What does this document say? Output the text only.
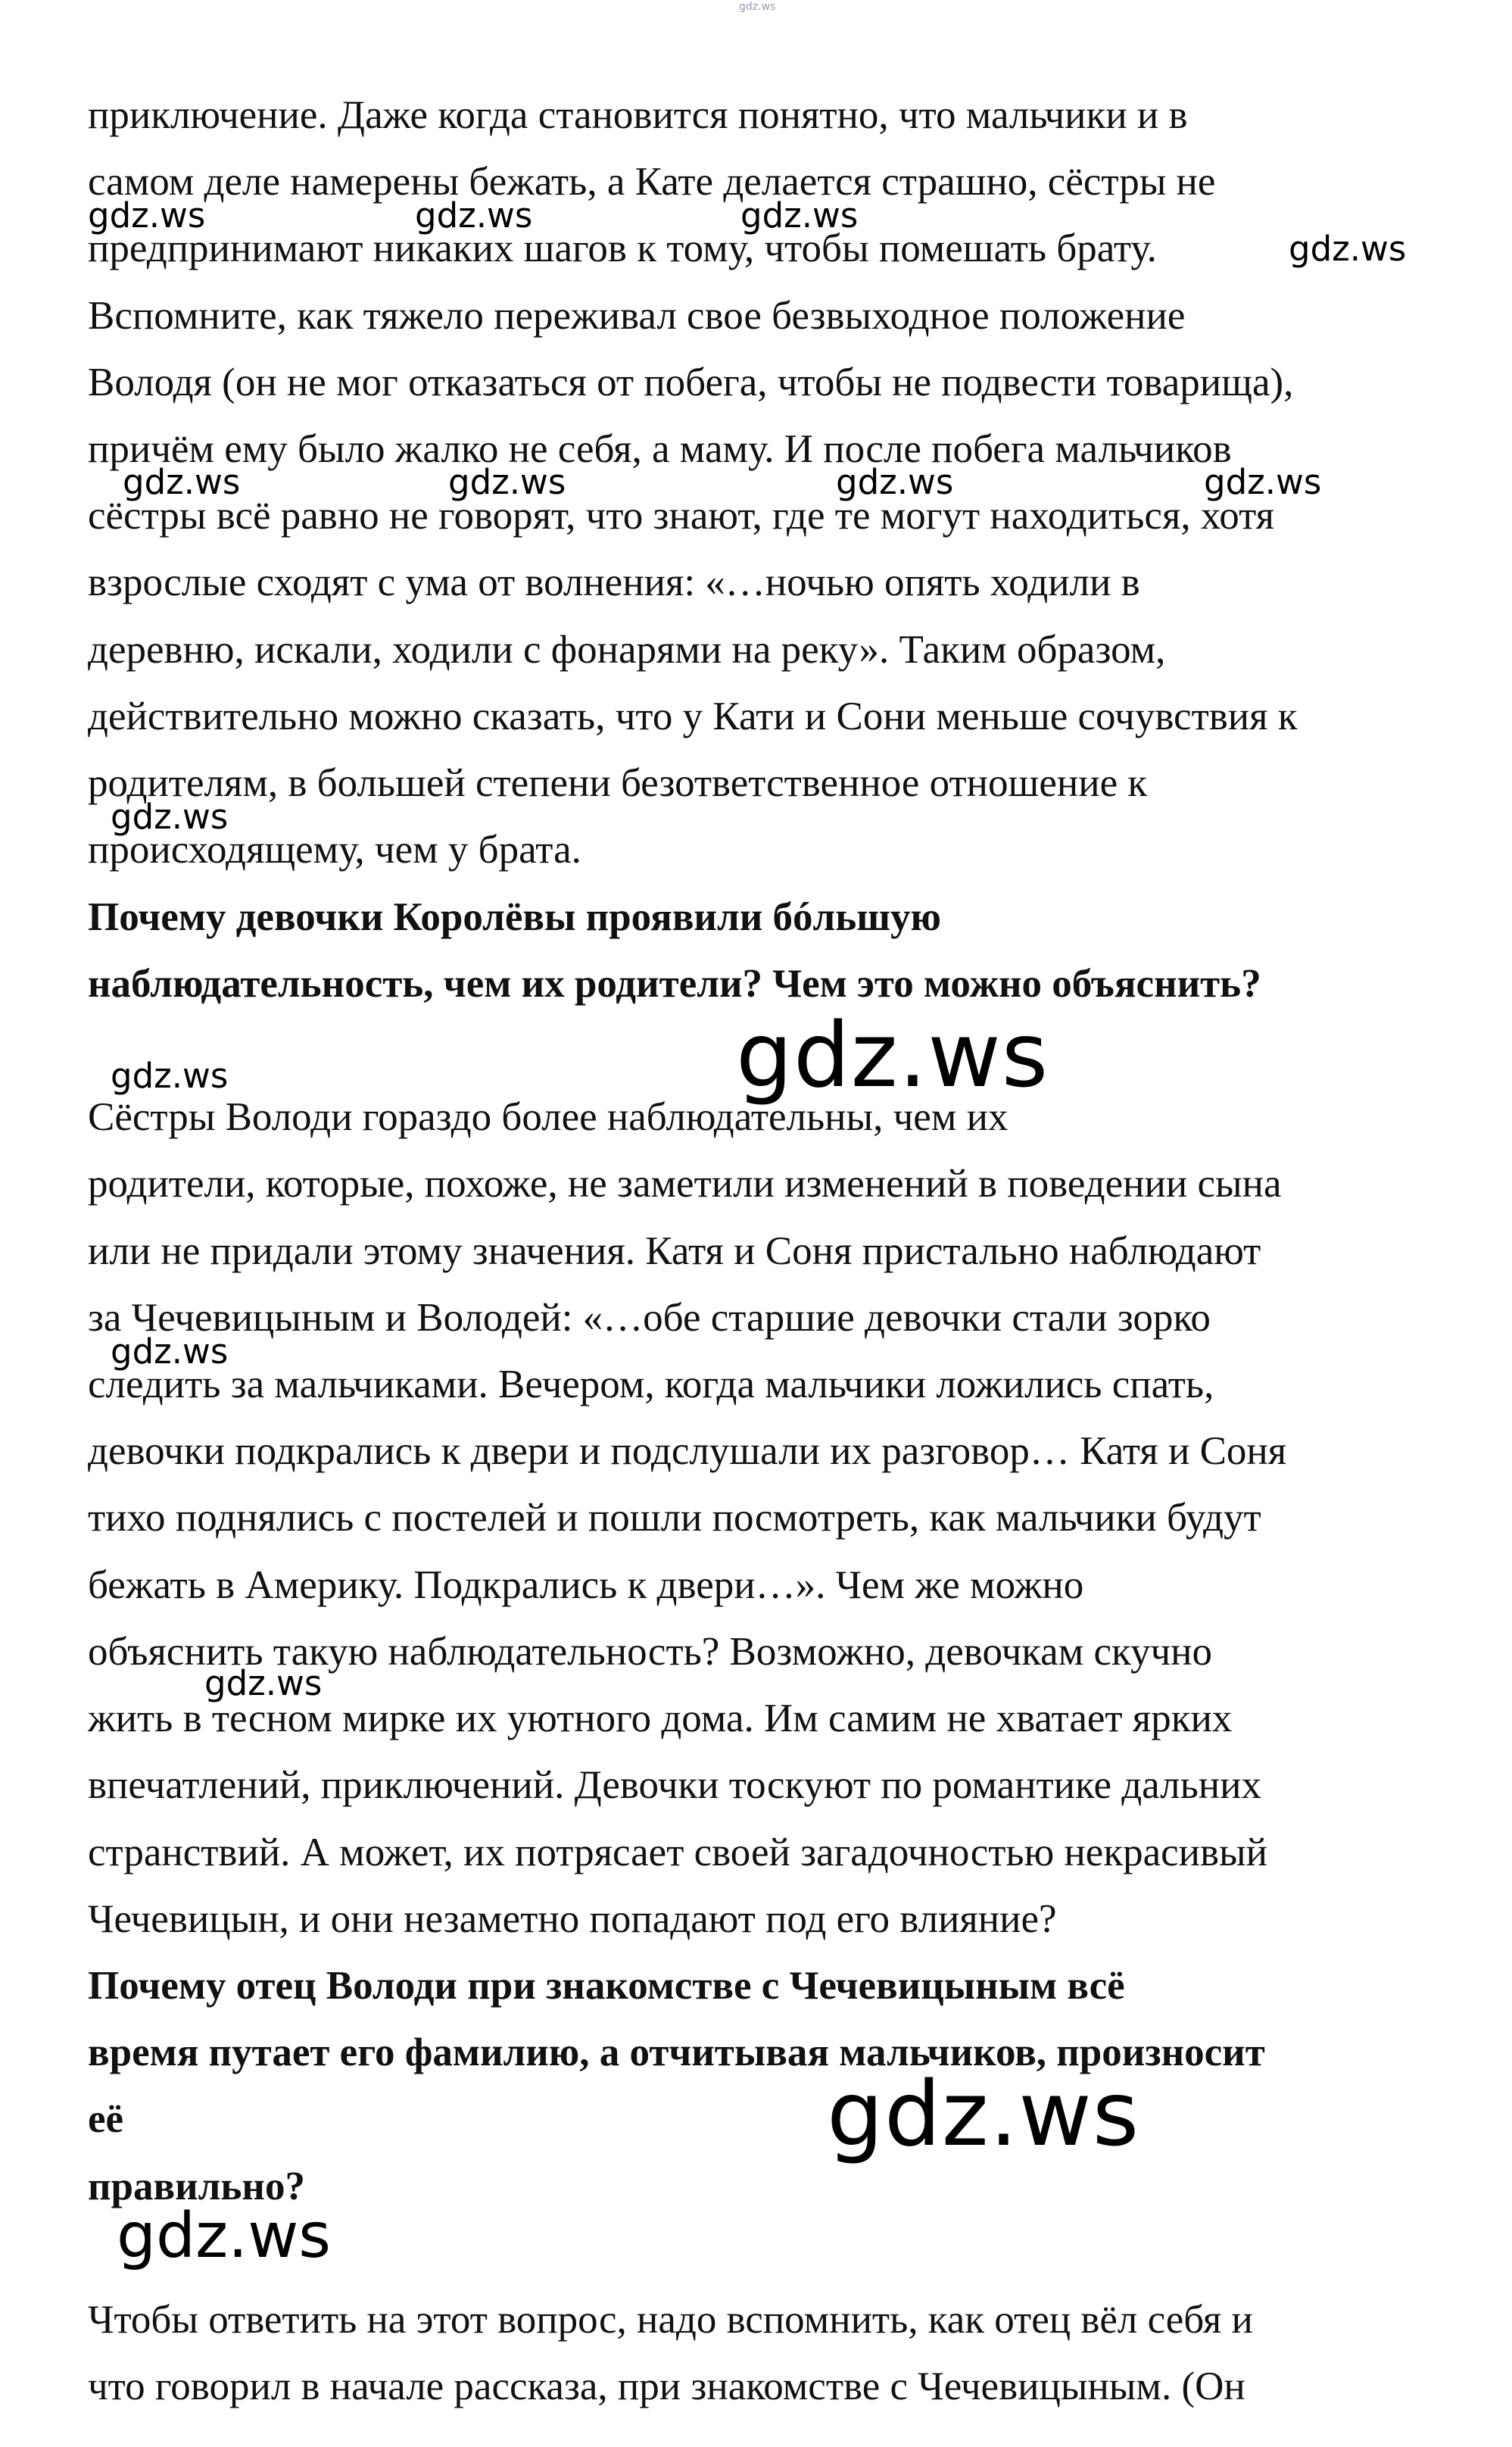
gdz.ws
приключение. Даже когда становится понятно, что мальчики и в
самом деле намерены бежать, а Кате делается страшно, сёстры не
предпринимают никаких шагов к тому, чтобы помешать брату.
Вспомните, как тяжело переживал свое безвыходное положение
Володя (он не мог отказаться от побега, чтобы не подвести товарища),
причём ему было жалко не себя, а маму. И после побега мальчиков
сёстры всё равно не говорят, что знают, где те могут находиться, хотя
взрослые сходят с ума от волнения: «…ночью опять ходили в
деревню, искали, ходили с фонарями на реку». Таким образом,
действительно можно сказать, что у Кати и Сони меньше сочувствия к
родителям, в большей степени безответственное отношение к
происходящему, чем у брата.
Почему девочки Королёвы проявили бóльшую
наблюдательность, чем их родители? Чем это можно объяснить?
Сёстры Володи гораздо более наблюдательны, чем их
родители, которые, похоже, не заметили изменений в поведении сына
или не придали этому значения. Катя и Соня пристально наблюдают
за Чечевицыным и Володей: «…обе старшие девочки стали зорко
следить за мальчиками. Вечером, когда мальчики ложились спать,
девочки подкрались к двери и подслушали их разговор… Катя и Соня
тихо поднялись с постелей и пошли посмотреть, как мальчики будут
бежать в Америку. Подкрались к двери…». Чем же можно
объяснить такую наблюдательность? Возможно, девочкам скучно
жить в тесном мирке их уютного дома. Им самим не хватает ярких
впечатлений, приключений. Девочки тоскуют по романтике дальних
странствий. А может, их потрясает своей загадочностью некрасивый
Чечевицын, и они незаметно попадают под его влияние?
Почему отец Володи при знакомстве с Чечевицыным всё
время путает его фамилию, а отчитывая мальчиков, произносит
её
правильно?
Чтобы ответить на этот вопрос, надо вспомнить, как отец вёл себя и
что говорил в начале рассказа, при знакомстве с Чечевицыным. (Он
gdz.ws	gdz.ws	gdz.ws
gdz.ws
gdz.ws	gdz.ws	gdz.ws	gdz.ws
gdz.ws
gdz.ws
gdz.ws
gdz.ws
gdz.ws
gdz.ws
gdz.ws
